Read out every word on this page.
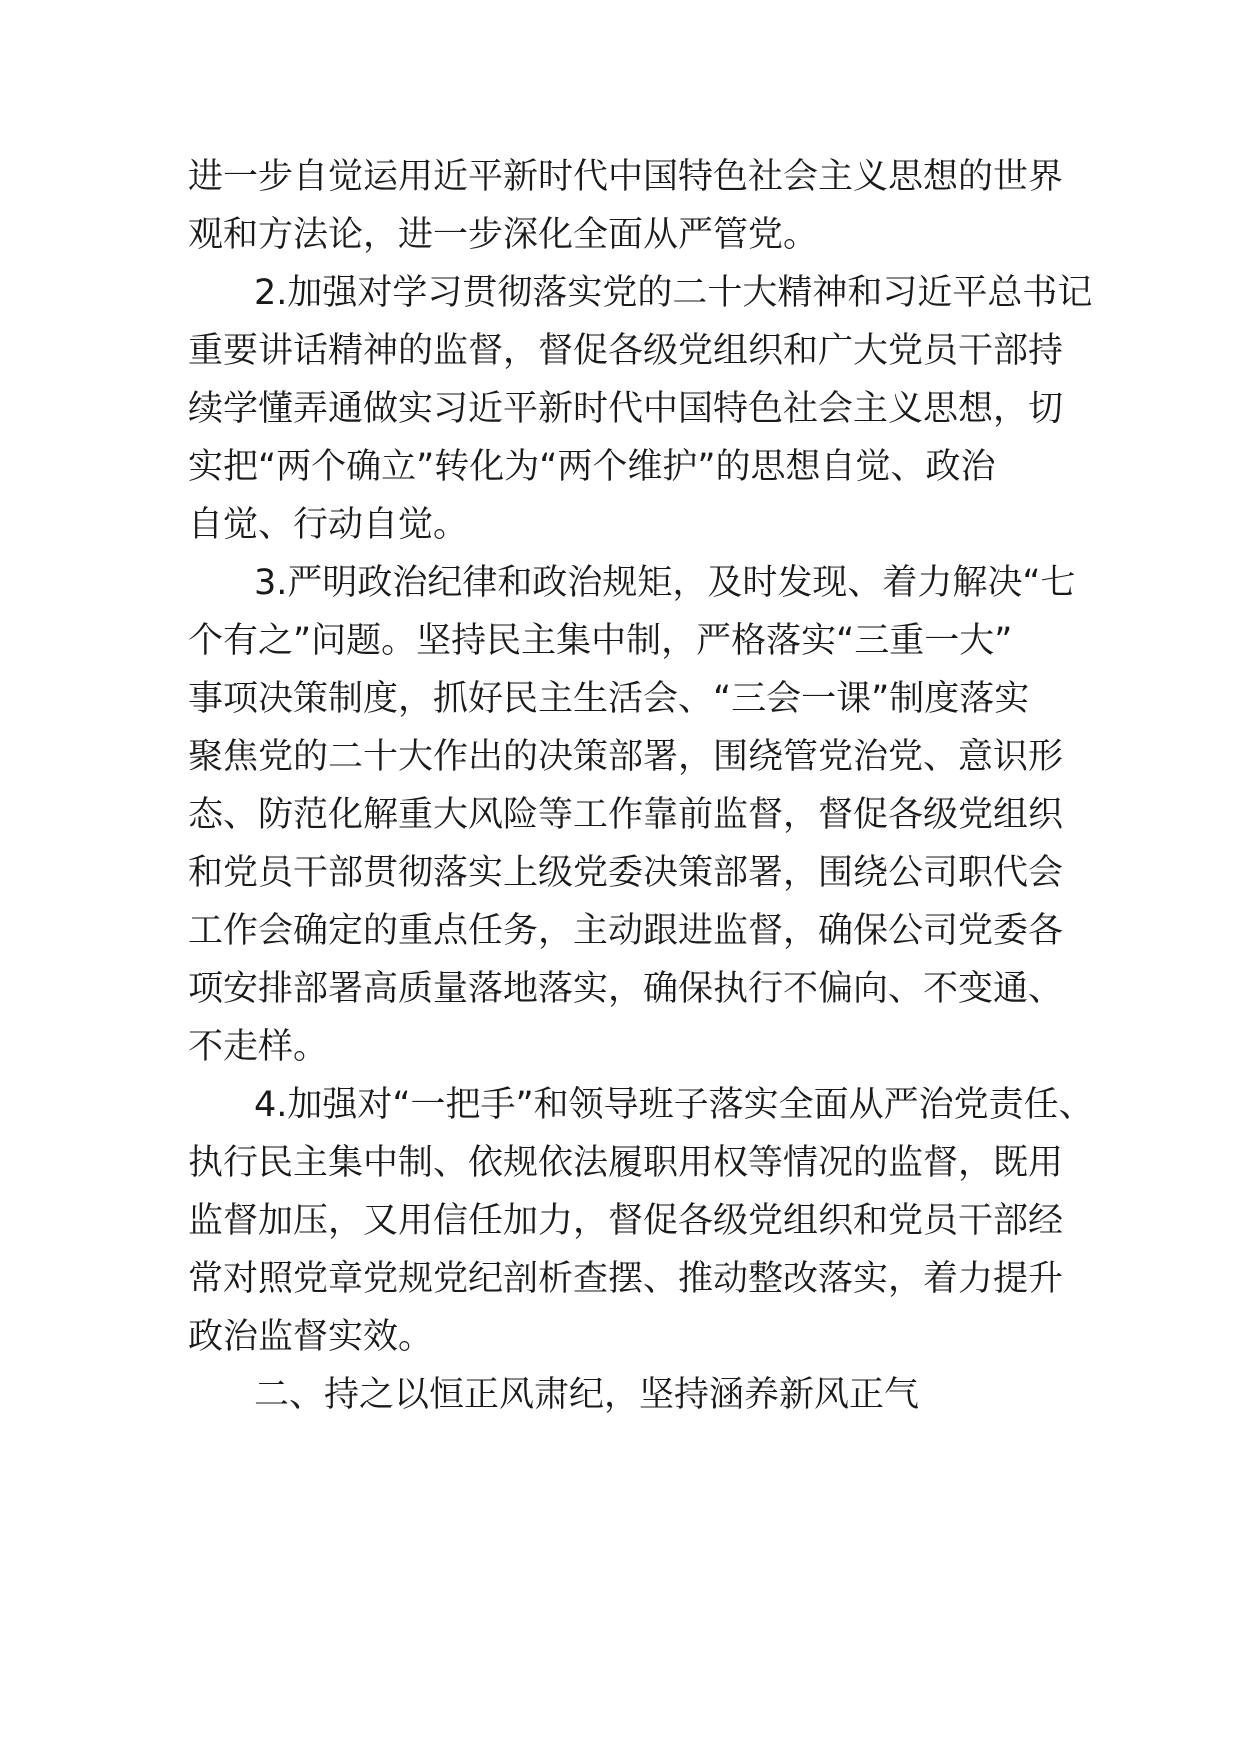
进一步自觉运用近平新时代中国特色社会主义思想的世界
观和方法论，进一步深化全面从严管党。
2.加强对学习贯彻落实党的二十大精神和习近平总书记
重要讲话精神的监督，督促各级党组织和广大党员干部持
续学懂弄通做实习近平新时代中国特色社会主义思想，切
实把“两个确立”转化为“两个维护”的思想自觉、政治
自觉、行动自觉。
3.严明政治纪律和政治规矩，及时发现、着力解决“七
个有之”问题。坚持民主集中制，严格落实“三重一大”
事项决策制度，抓好民主生活会、“三会一课”制度落实
聚焦党的二十大作出的决策部署，围绕管党治党、意识形
态、防范化解重大风险等工作靠前监督，督促各级党组织
和党员干部贯彻落实上级党委决策部署，围绕公司职代会
工作会确定的重点任务，主动跟进监督，确保公司党委各
项安排部署高质量落地落实，确保执行不偏向、不变通、
不走样。
4.加强对“一把手”和领导班子落实全面从严治党责任、
执行民主集中制、依规依法履职用权等情况的监督，既用
监督加压，又用信任加力，督促各级党组织和党员干部经
常对照党章党规党纪剖析查摆、推动整改落实，着力提升
政治监督实效。
二、持之以恒正风肃纪，坚持涵养新风正气
